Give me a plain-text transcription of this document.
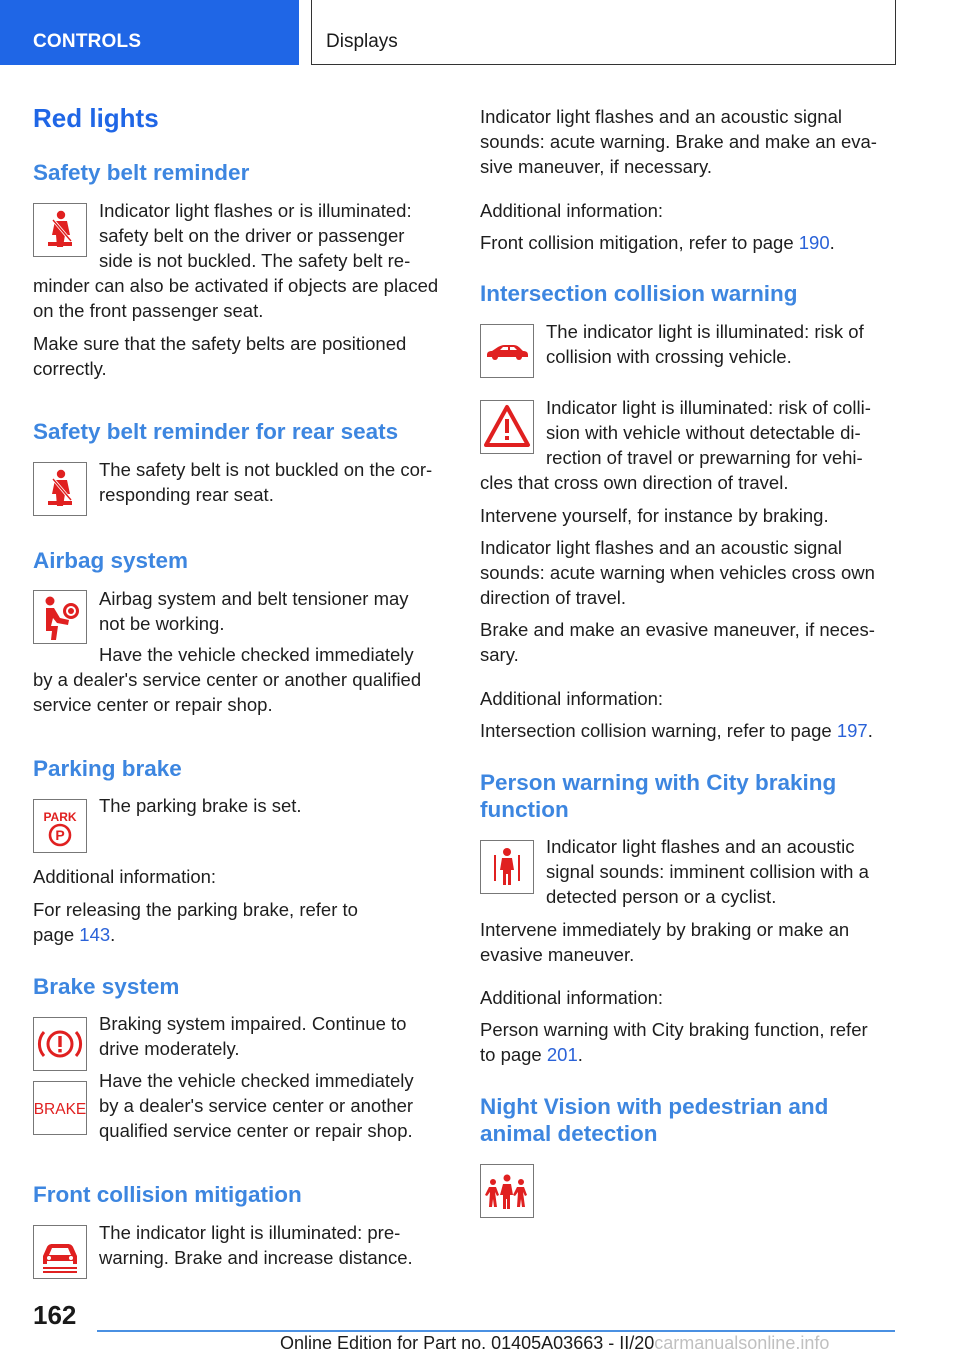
CONTROLS	Displays
Red lights
Safety belt reminder
Indicator light flashes or is illuminated:
safety belt on the driver or passenger
side is not buckled. The safety belt re-
minder can also be activated if objects are placed
on the front passenger seat.
Make sure that the safety belts are positioned
correctly.
Safety belt reminder for rear seats
The safety belt is not buckled on the cor-
responding rear seat.
Airbag system
Airbag system and belt tensioner may
not be working.
Have the vehicle checked immediately
by a dealer's service center or another qualified
service center or repair shop.
Parking brake
PARK
P
The parking brake is set.
Additional information:
For releasing the parking brake, refer to
page 143.
Brake system
Braking system impaired. Continue to
drive moderately.
BRAKE
Have the vehicle checked immediately
by a dealer's service center or another
qualified service center or repair shop.
Front collision mitigation
The indicator light is illuminated: pre-
warning. Brake and increase distance.
Indicator light flashes and an acoustic signal
sounds: acute warning. Brake and make an eva-
sive maneuver, if necessary.
Additional information:
Front collision mitigation, refer to page 190.
Intersection collision warning
The indicator light is illuminated: risk of
collision with crossing vehicle.
Indicator light is illuminated: risk of colli-
sion with vehicle without detectable di-
rection of travel or prewarning for vehi-
cles that cross own direction of travel.
Intervene yourself, for instance by braking.
Indicator light flashes and an acoustic signal
sounds: acute warning when vehicles cross own
direction of travel.
Brake and make an evasive maneuver, if neces-
sary.
Additional information:
Intersection collision warning, refer to page 197.
Person warning with City braking
function
Indicator light flashes and an acoustic
signal sounds: imminent collision with a
detected person or a cyclist.
Intervene immediately by braking or make an
evasive maneuver.
Additional information:
Person warning with City braking function, refer
to page 201.
Night Vision with pedestrian and
animal detection
162
Online Edition for Part no. 01405A03663 - II/20carmanualsonline.info
